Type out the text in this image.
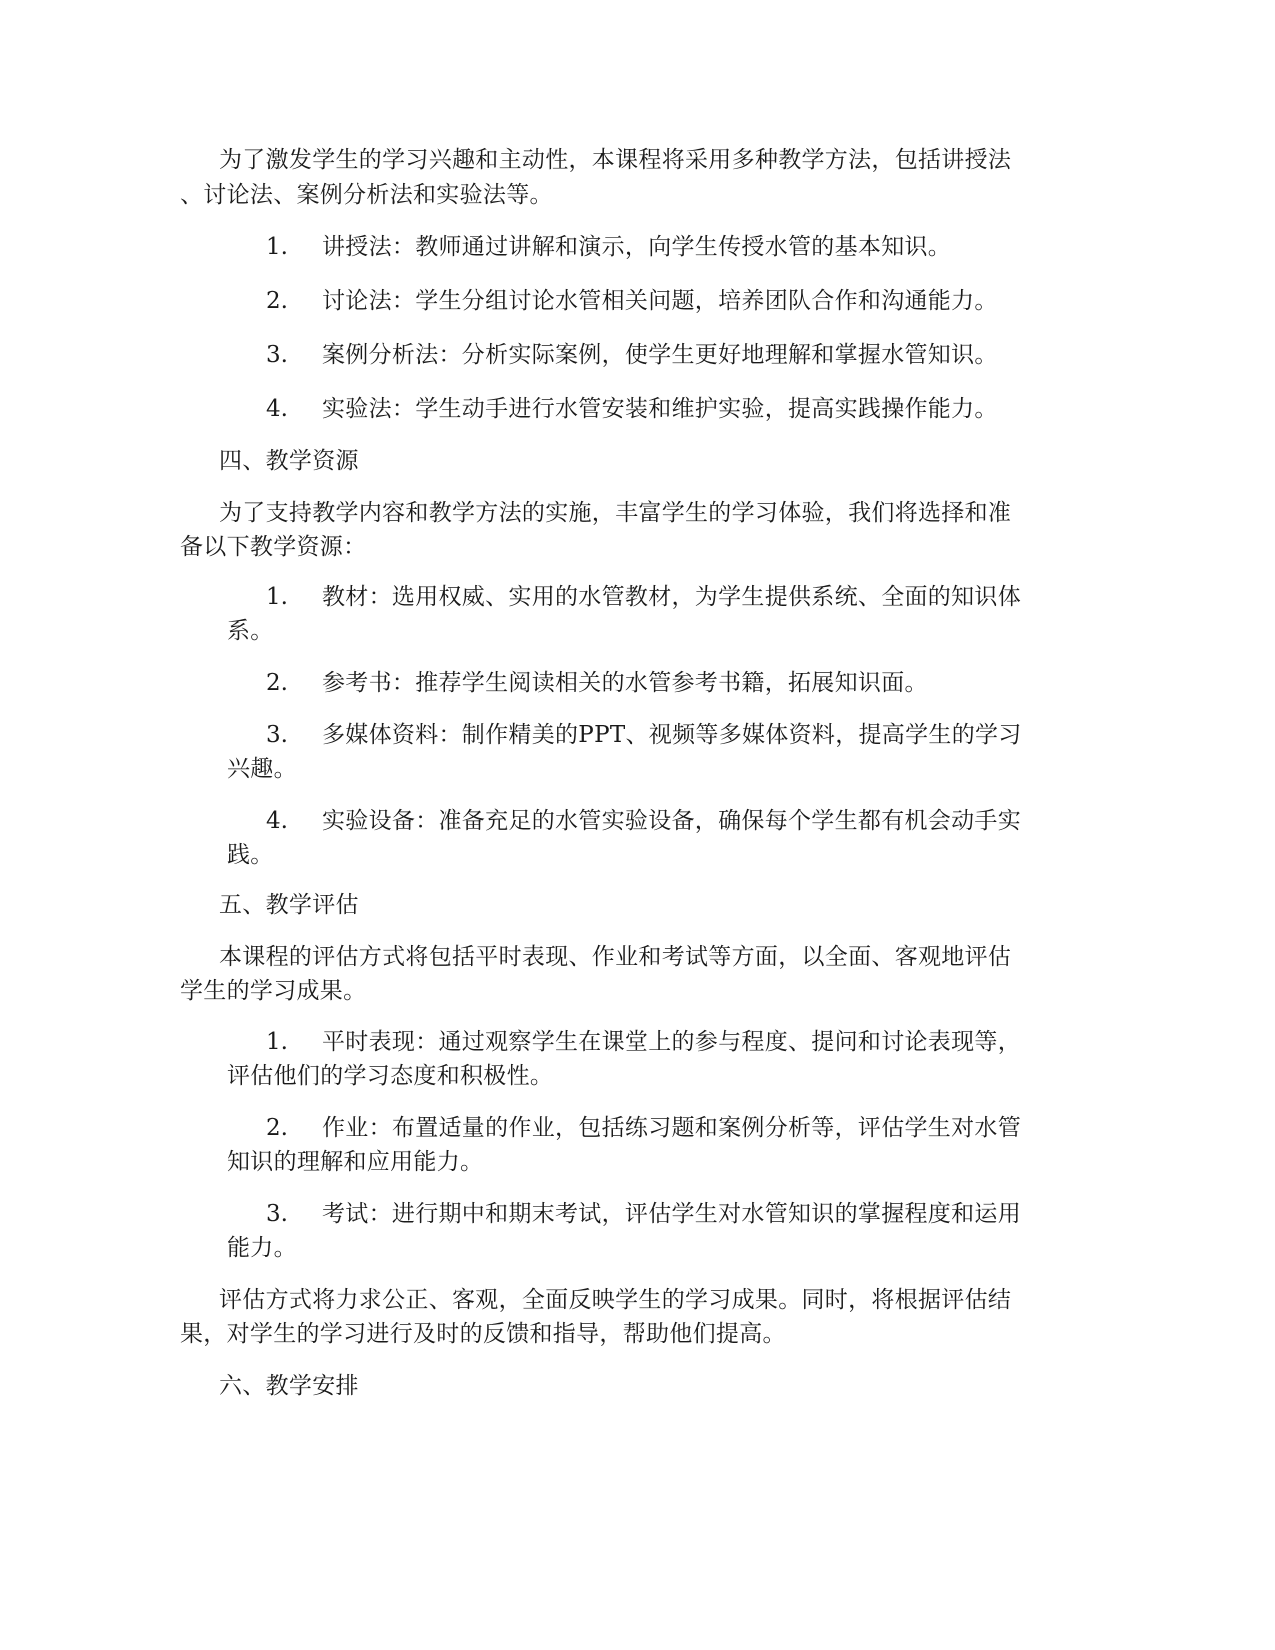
为了激发学生的学习兴趣和主动性，本课程将采用多种教学方法，包括讲授法
、讨论法、案例分析法和实验法等。
1. 讲授法：教师通过讲解和演示，向学生传授水管的基本知识。
2. 讨论法：学生分组讨论水管相关问题，培养团队合作和沟通能力。
3. 案例分析法：分析实际案例，使学生更好地理解和掌握水管知识。
4. 实验法：学生动手进行水管安装和维护实验，提高实践操作能力。
四、教学资源
为了支持教学内容和教学方法的实施，丰富学生的学习体验，我们将选择和准
备以下教学资源：
1. 教材：选用权威、实用的水管教材，为学生提供系统、全面的知识体
系。
2. 参考书：推荐学生阅读相关的水管参考书籍，拓展知识面。
3. 多媒体资料：制作精美的PPT、视频等多媒体资料，提高学生的学习
兴趣。
4. 实验设备：准备充足的水管实验设备，确保每个学生都有机会动手实
践。
五、教学评估
本课程的评估方式将包括平时表现、作业和考试等方面，以全面、客观地评估
学生的学习成果。
1. 平时表现：通过观察学生在课堂上的参与程度、提问和讨论表现等，
评估他们的学习态度和积极性。
2. 作业：布置适量的作业，包括练习题和案例分析等，评估学生对水管
知识的理解和应用能力。
3. 考试：进行期中和期末考试，评估学生对水管知识的掌握程度和运用
能力。
评估方式将力求公正、客观，全面反映学生的学习成果。同时，将根据评估结
果，对学生的学习进行及时的反馈和指导，帮助他们提高。
六、教学安排
